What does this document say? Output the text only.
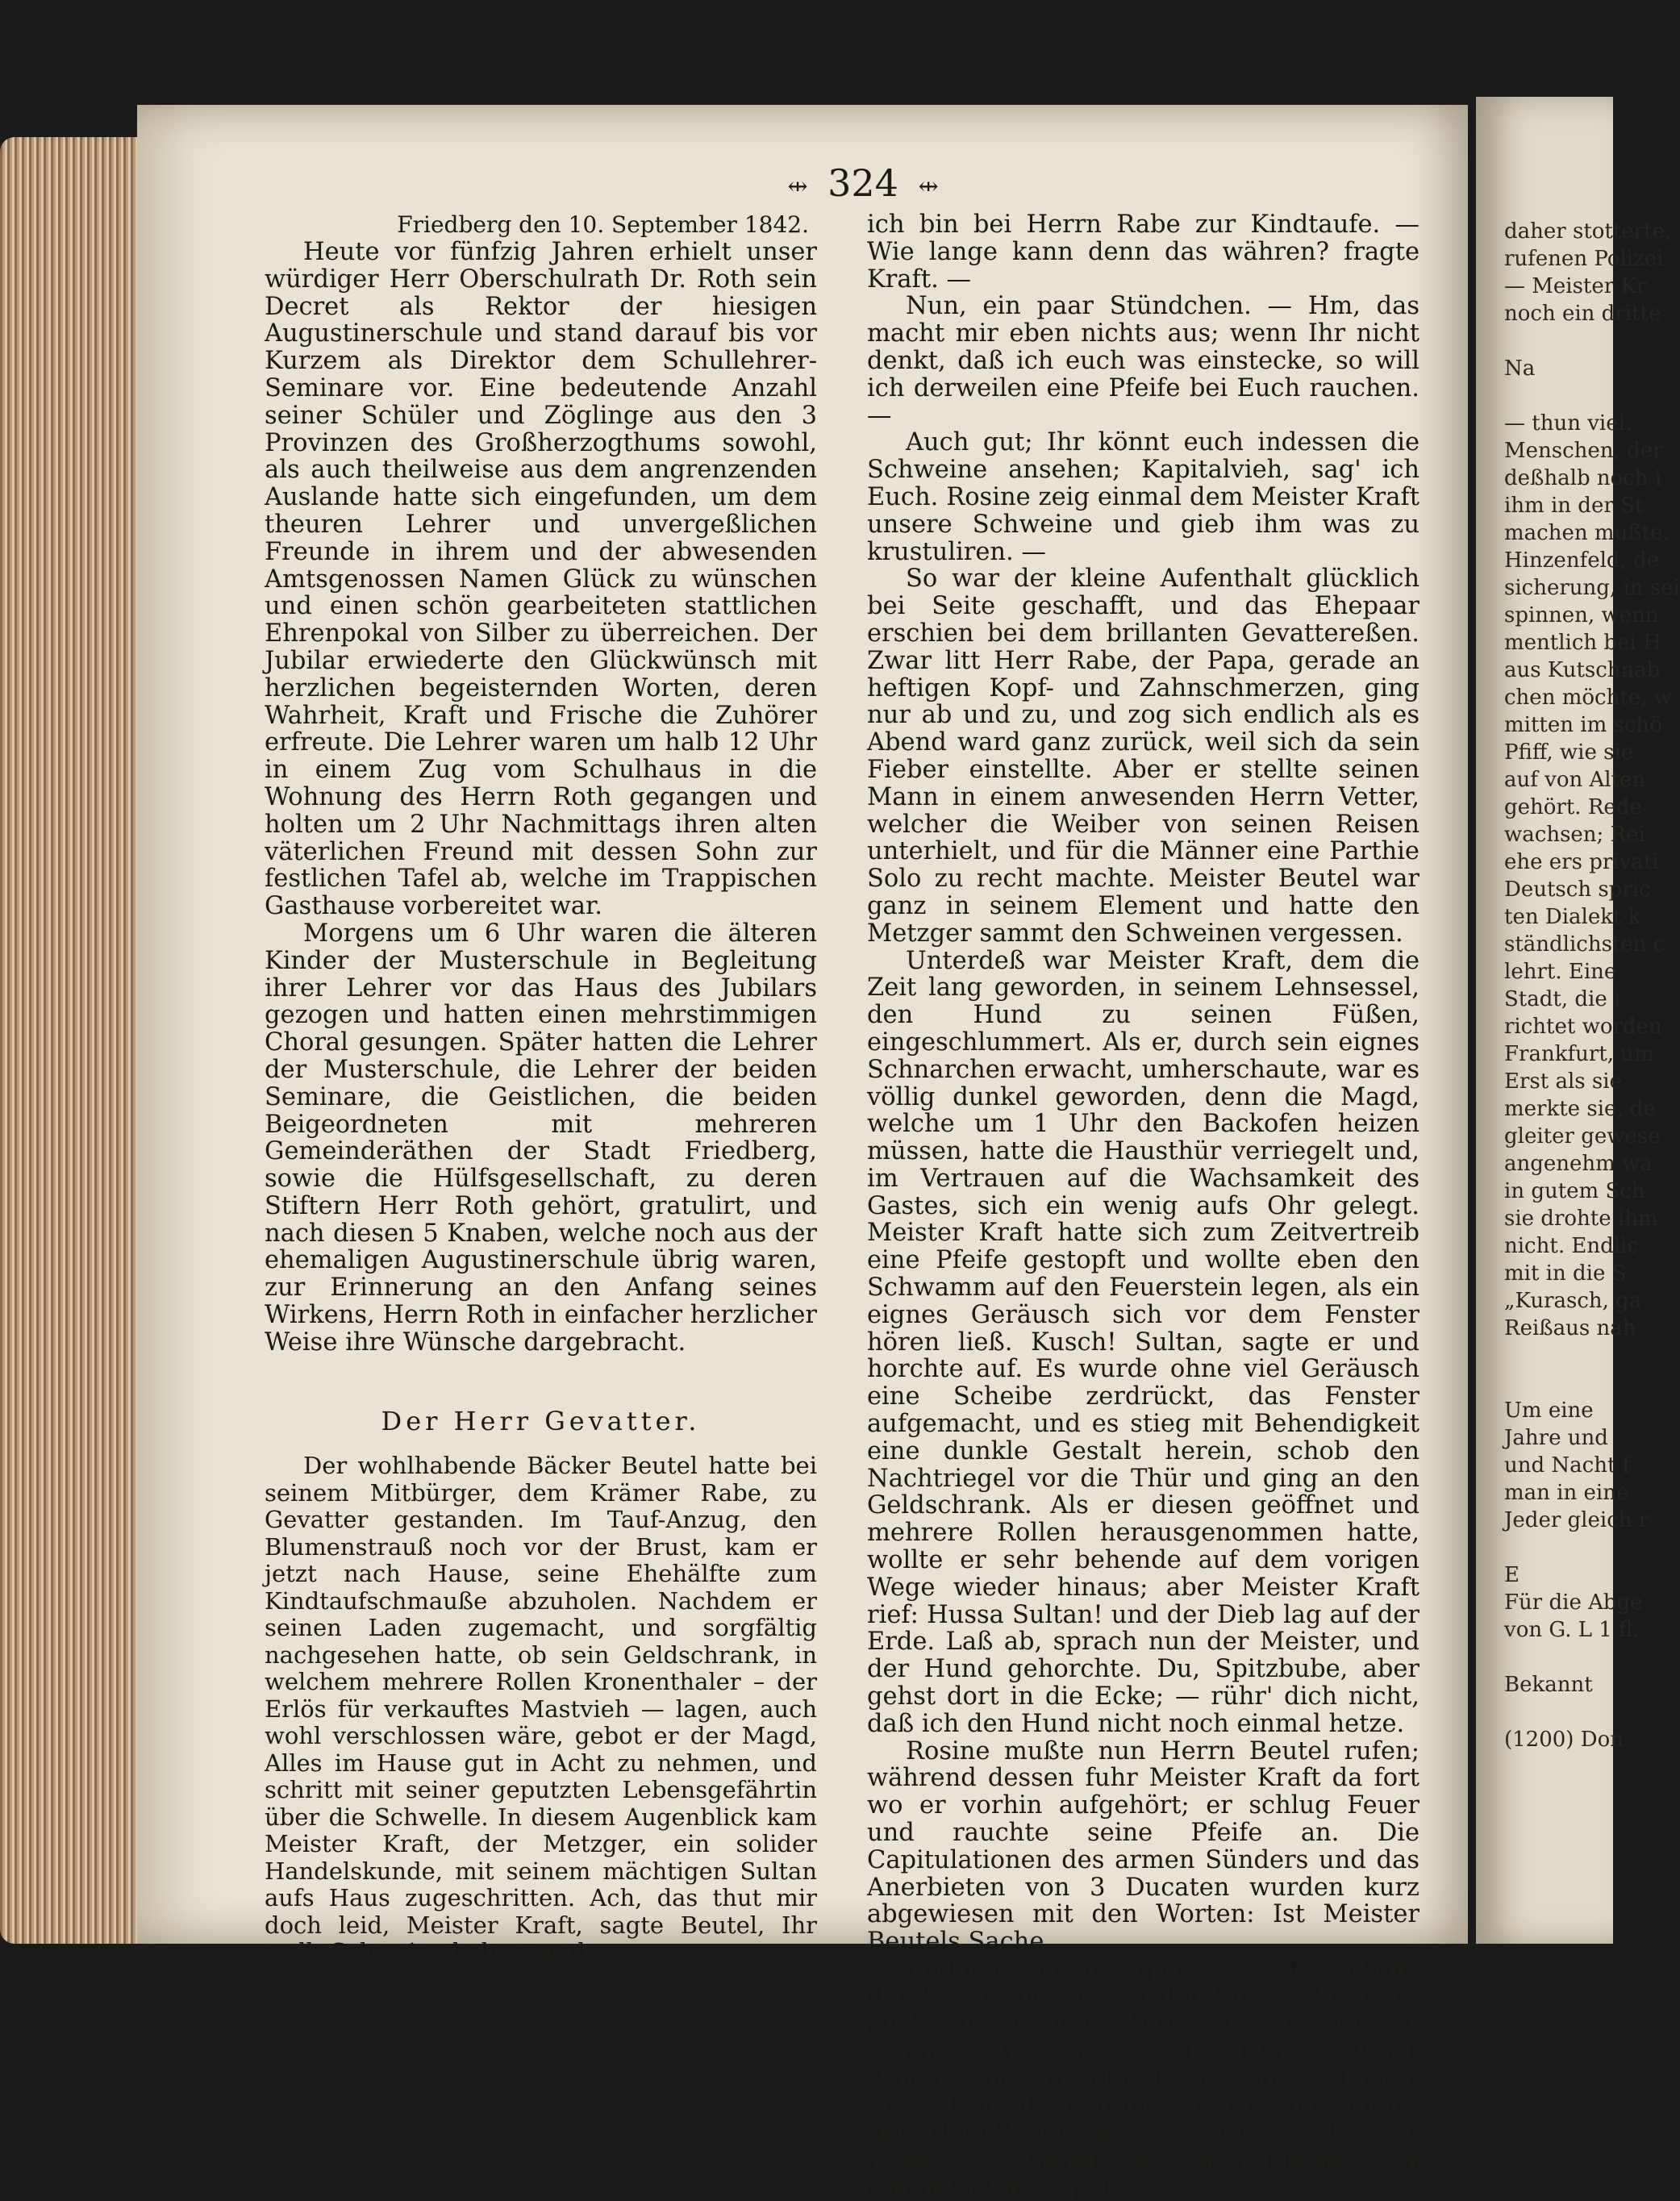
daher stotterte,
rufenen Polizei
— Meister Kr
noch ein dritte
Na
— thun viel.
Menschen, der
deßhalb noch i
ihm in der St
machen mußte.
Hinzenfeld, de
sicherung, in sei
spinnen, wenn
mentlich bei H
aus Kutschnab
chen möchte, w
mitten im schö
Pfiff, wie sie
auf von Alten
gehört. Rede
wachsen; Rei
ehe ers privati
Deutsch spric
ten Dialekt k
ständlichsten c
lehrt. Eine
Stadt, die i
richtet worden
Frankfurt, um
Erst als sie
merkte sie, de
gleiter gewese
angenehm wa
in gutem Sch
sie drohte ihm
nicht. Endlic
mit in die S
„Kurasch, ga
Reißaus nah
Um eine
Jahre und
und Nacht f
man in eine
Jeder gleich r
E
Für die Abge
von G. L 1 fl.
Bekannt
(1200) Don
⇹ 324 ⇹
Friedberg den 10. September 1842.

Heute vor fünfzig Jahren erhielt unser würdiger Herr Oberschulrath Dr. Roth sein Decret als Rektor der hiesigen Augustinerschule und stand darauf bis vor Kurzem als Direktor dem Schullehrer-Seminare vor. Eine bedeutende Anzahl seiner Schüler und Zöglinge aus den 3 Provinzen des Großherzogthums sowohl, als auch theilweise aus dem angrenzenden Auslande hatte sich eingefunden, um dem theuren Lehrer und unvergeßlichen Freunde in ihrem und der abwesenden Amtsgenossen Namen Glück zu wünschen und einen schön gearbeiteten stattlichen Ehrenpokal von Silber zu überreichen. Der Jubilar erwiederte den Glückwünsch mit herzlichen begeisternden Worten, deren Wahrheit, Kraft und Frische die Zuhörer erfreute. Die Lehrer waren um halb 12 Uhr in einem Zug vom Schulhaus in die Wohnung des Herrn Roth gegangen und holten um 2 Uhr Nachmittags ihren alten väterlichen Freund mit dessen Sohn zur festlichen Tafel ab, welche im Trappischen Gasthause vorbereitet war.

Morgens um 6 Uhr waren die älteren Kinder der Musterschule in Begleitung ihrer Lehrer vor das Haus des Jubilars gezogen und hatten einen mehrstimmigen Choral gesungen. Später hatten die Lehrer der Musterschule, die Lehrer der beiden Seminare, die Geistlichen, die beiden Beigeordneten mit mehreren Gemeinderäthen der Stadt Friedberg, sowie die Hülfsgesellschaft, zu deren Stiftern Herr Roth gehört, gratulirt, und nach diesen 5 Knaben, welche noch aus der ehemaligen Augustinerschule übrig waren, zur Erinnerung an den Anfang seines Wirkens, Herrn Roth in einfacher herzlicher Weise ihre Wünsche dargebracht.

Der Herr Gevatter.

Der wohlhabende Bäcker Beutel hatte bei seinem Mitbürger, dem Krämer Rabe, zu Gevatter gestanden. Im Tauf-Anzug, den Blumenstrauß noch vor der Brust, kam er jetzt nach Hause, seine Ehehälfte zum Kindtaufschmauße abzuholen. Nachdem er seinen Laden zugemacht, und sorgfältig nachgesehen hatte, ob sein Geldschrank, in welchem mehrere Rollen Kronenthaler – der Erlös für verkauftes Mastvieh — lagen, auch wohl verschlossen wäre, gebot er der Magd, Alles im Hause gut in Acht zu nehmen, und schritt mit seiner geputzten Lebensgefährtin über die Schwelle. In diesem Augenblick kam Meister Kraft, der Metzger, ein solider Handelskunde, mit seinem mächtigen Sultan aufs Haus zugeschritten. Ach, das thut mir doch leid, Meister Kraft, sagte Beutel, Ihr wollt Schweine haben, und

ich bin bei Herrn Rabe zur Kindtaufe. — Wie lange kann denn das währen? fragte Kraft. —

Nun, ein paar Stündchen. — Hm, das macht mir eben nichts aus; wenn Ihr nicht denkt, daß ich euch was einstecke, so will ich derweilen eine Pfeife bei Euch rauchen. —

Auch gut; Ihr könnt euch indessen die Schweine ansehen; Kapitalvieh, sag' ich Euch. Rosine zeig einmal dem Meister Kraft unsere Schweine und gieb ihm was zu krustuliren. —

So war der kleine Aufenthalt glücklich bei Seite geschafft, und das Ehepaar erschien bei dem brillanten Gevattereßen. Zwar litt Herr Rabe, der Papa, gerade an heftigen Kopf- und Zahnschmerzen, ging nur ab und zu, und zog sich endlich als es Abend ward ganz zurück, weil sich da sein Fieber einstellte. Aber er stellte seinen Mann in einem anwesenden Herrn Vetter, welcher die Weiber von seinen Reisen unterhielt, und für die Männer eine Parthie Solo zu recht machte. Meister Beutel war ganz in seinem Element und hatte den Metzger sammt den Schweinen vergessen.

Unterdeß war Meister Kraft, dem die Zeit lang geworden, in seinem Lehnsessel, den Hund zu seinen Füßen, eingeschlummert. Als er, durch sein eignes Schnarchen erwacht, umherschaute, war es völlig dunkel geworden, denn die Magd, welche um 1 Uhr den Backofen heizen müssen, hatte die Hausthür verriegelt und, im Vertrauen auf die Wachsamkeit des Gastes, sich ein wenig aufs Ohr gelegt. Meister Kraft hatte sich zum Zeitvertreib eine Pfeife gestopft und wollte eben den Schwamm auf den Feuerstein legen, als ein eignes Geräusch sich vor dem Fenster hören ließ. Kusch! Sultan, sagte er und horchte auf. Es wurde ohne viel Geräusch eine Scheibe zerdrückt, das Fenster aufgemacht, und es stieg mit Behendigkeit eine dunkle Gestalt herein, schob den Nachtriegel vor die Thür und ging an den Geldschrank. Als er diesen geöffnet und mehrere Rollen herausgenommen hatte, wollte er sehr behende auf dem vorigen Wege wieder hinaus; aber Meister Kraft rief: Hussa Sultan! und der Dieb lag auf der Erde. Laß ab, sprach nun der Meister, und der Hund gehorchte. Du, Spitzbube, aber gehst dort in die Ecke; — rühr' dich nicht, daß ich den Hund nicht noch einmal hetze.

Rosine mußte nun Herrn Beutel rufen; während dessen fuhr Meister Kraft da fort wo er vorhin aufgehört; er schlug Feuer und rauchte seine Pfeife an. Die Capitulationen des armen Sünders und das Anerbieten von 3 Ducaten wurden kurz abgewiesen mit den Worten: Ist Meister Beutels Sache.

Endlich kam die ganze Gevatterschaft, der Bäckermeister an der Spitze. Er hatte auch allein den Muth ins Zimmer zu kommen. Wo ist der Dieb rief er außer Athem; hier in der Ecke sagte Meister Kraft. Und als man die Laterne hinwandte: Alle Hagel! der Herr Gevatter! — Es war Rabe der Krämer, der zwar Einiges von einem Gevatterspaß
